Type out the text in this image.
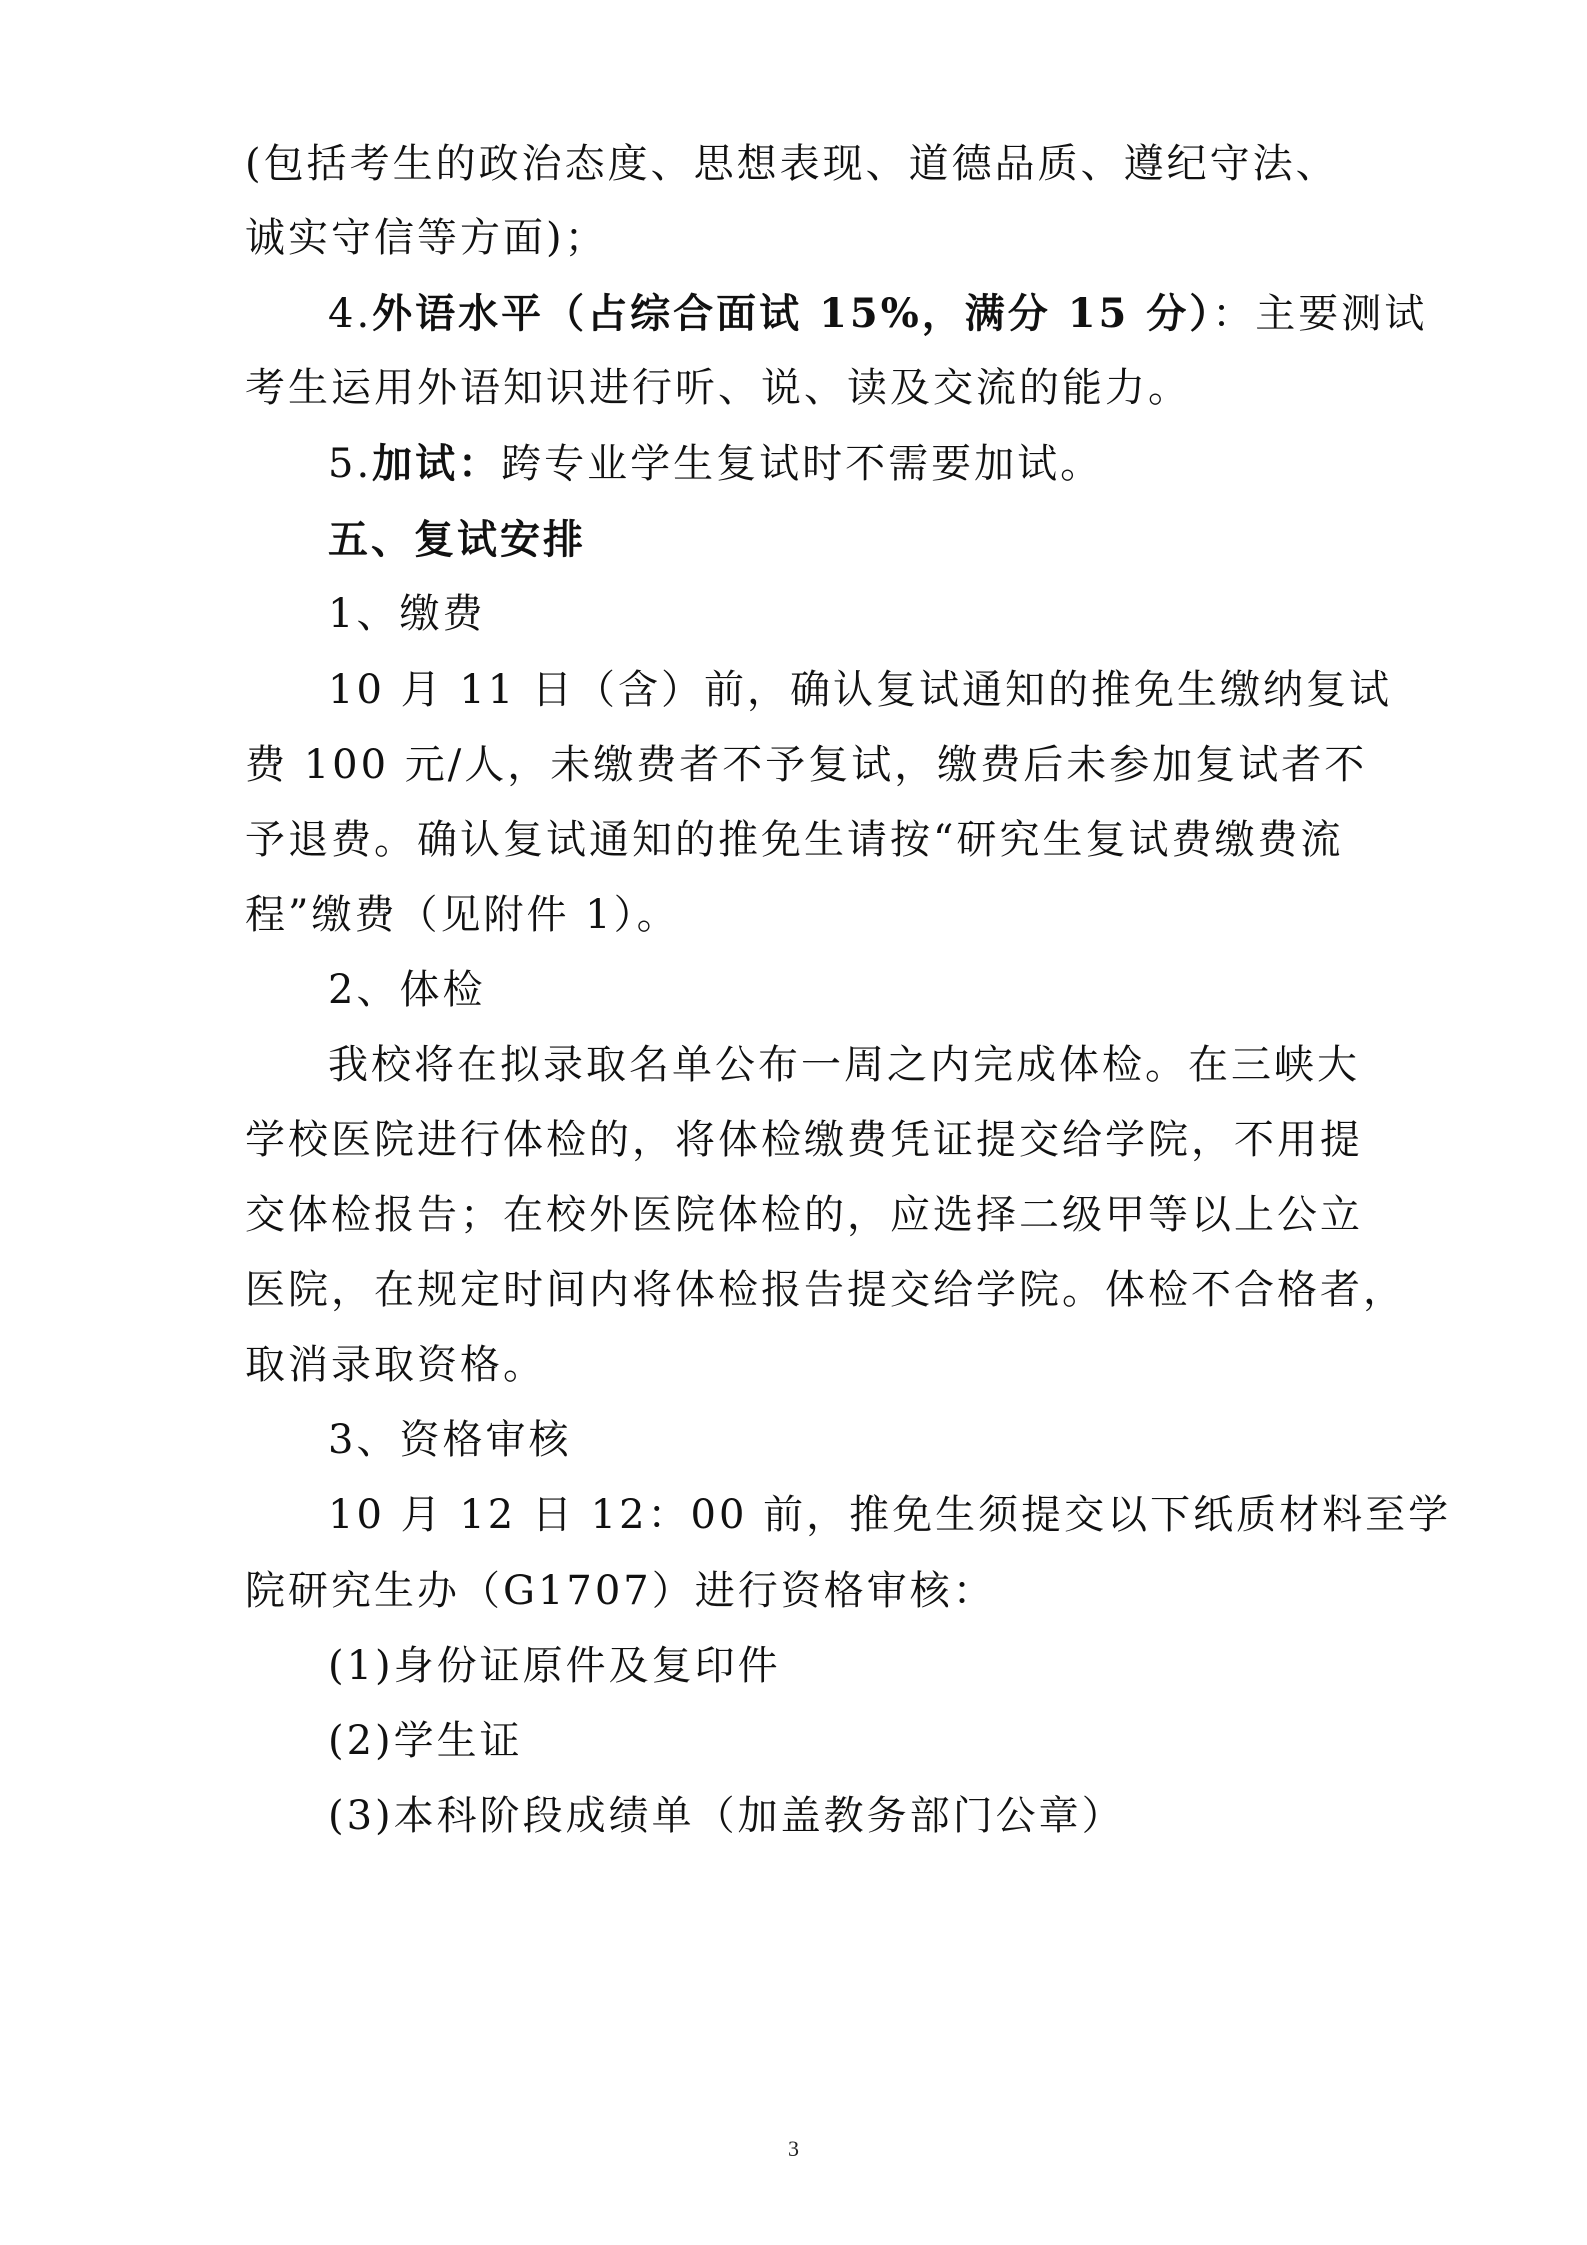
(包括考生的政治态度、思想表现、道德品质、遵纪守法、
诚实守信等方面)；
4.外语水平（占综合面试 15%，满分 15 分）：主要测试
考生运用外语知识进行听、说、读及交流的能力。
5.加试：跨专业学生复试时不需要加试。
五、复试安排
1、缴费
10 月 11 日（含）前，确认复试通知的推免生缴纳复试
费 100 元/人，未缴费者不予复试，缴费后未参加复试者不
予退费。确认复试通知的推免生请按“研究生复试费缴费流
程”缴费（见附件 1）。
2、体检
我校将在拟录取名单公布一周之内完成体检。在三峡大
学校医院进行体检的，将体检缴费凭证提交给学院，不用提
交体检报告；在校外医院体检的，应选择二级甲等以上公立
医院，在规定时间内将体检报告提交给学院。体检不合格者，
取消录取资格。
3、资格审核
10 月 12 日 12：00 前，推免生须提交以下纸质材料至学
院研究生办（G1707）进行资格审核：
(1)身份证原件及复印件
(2)学生证
(3)本科阶段成绩单（加盖教务部门公章）
3
